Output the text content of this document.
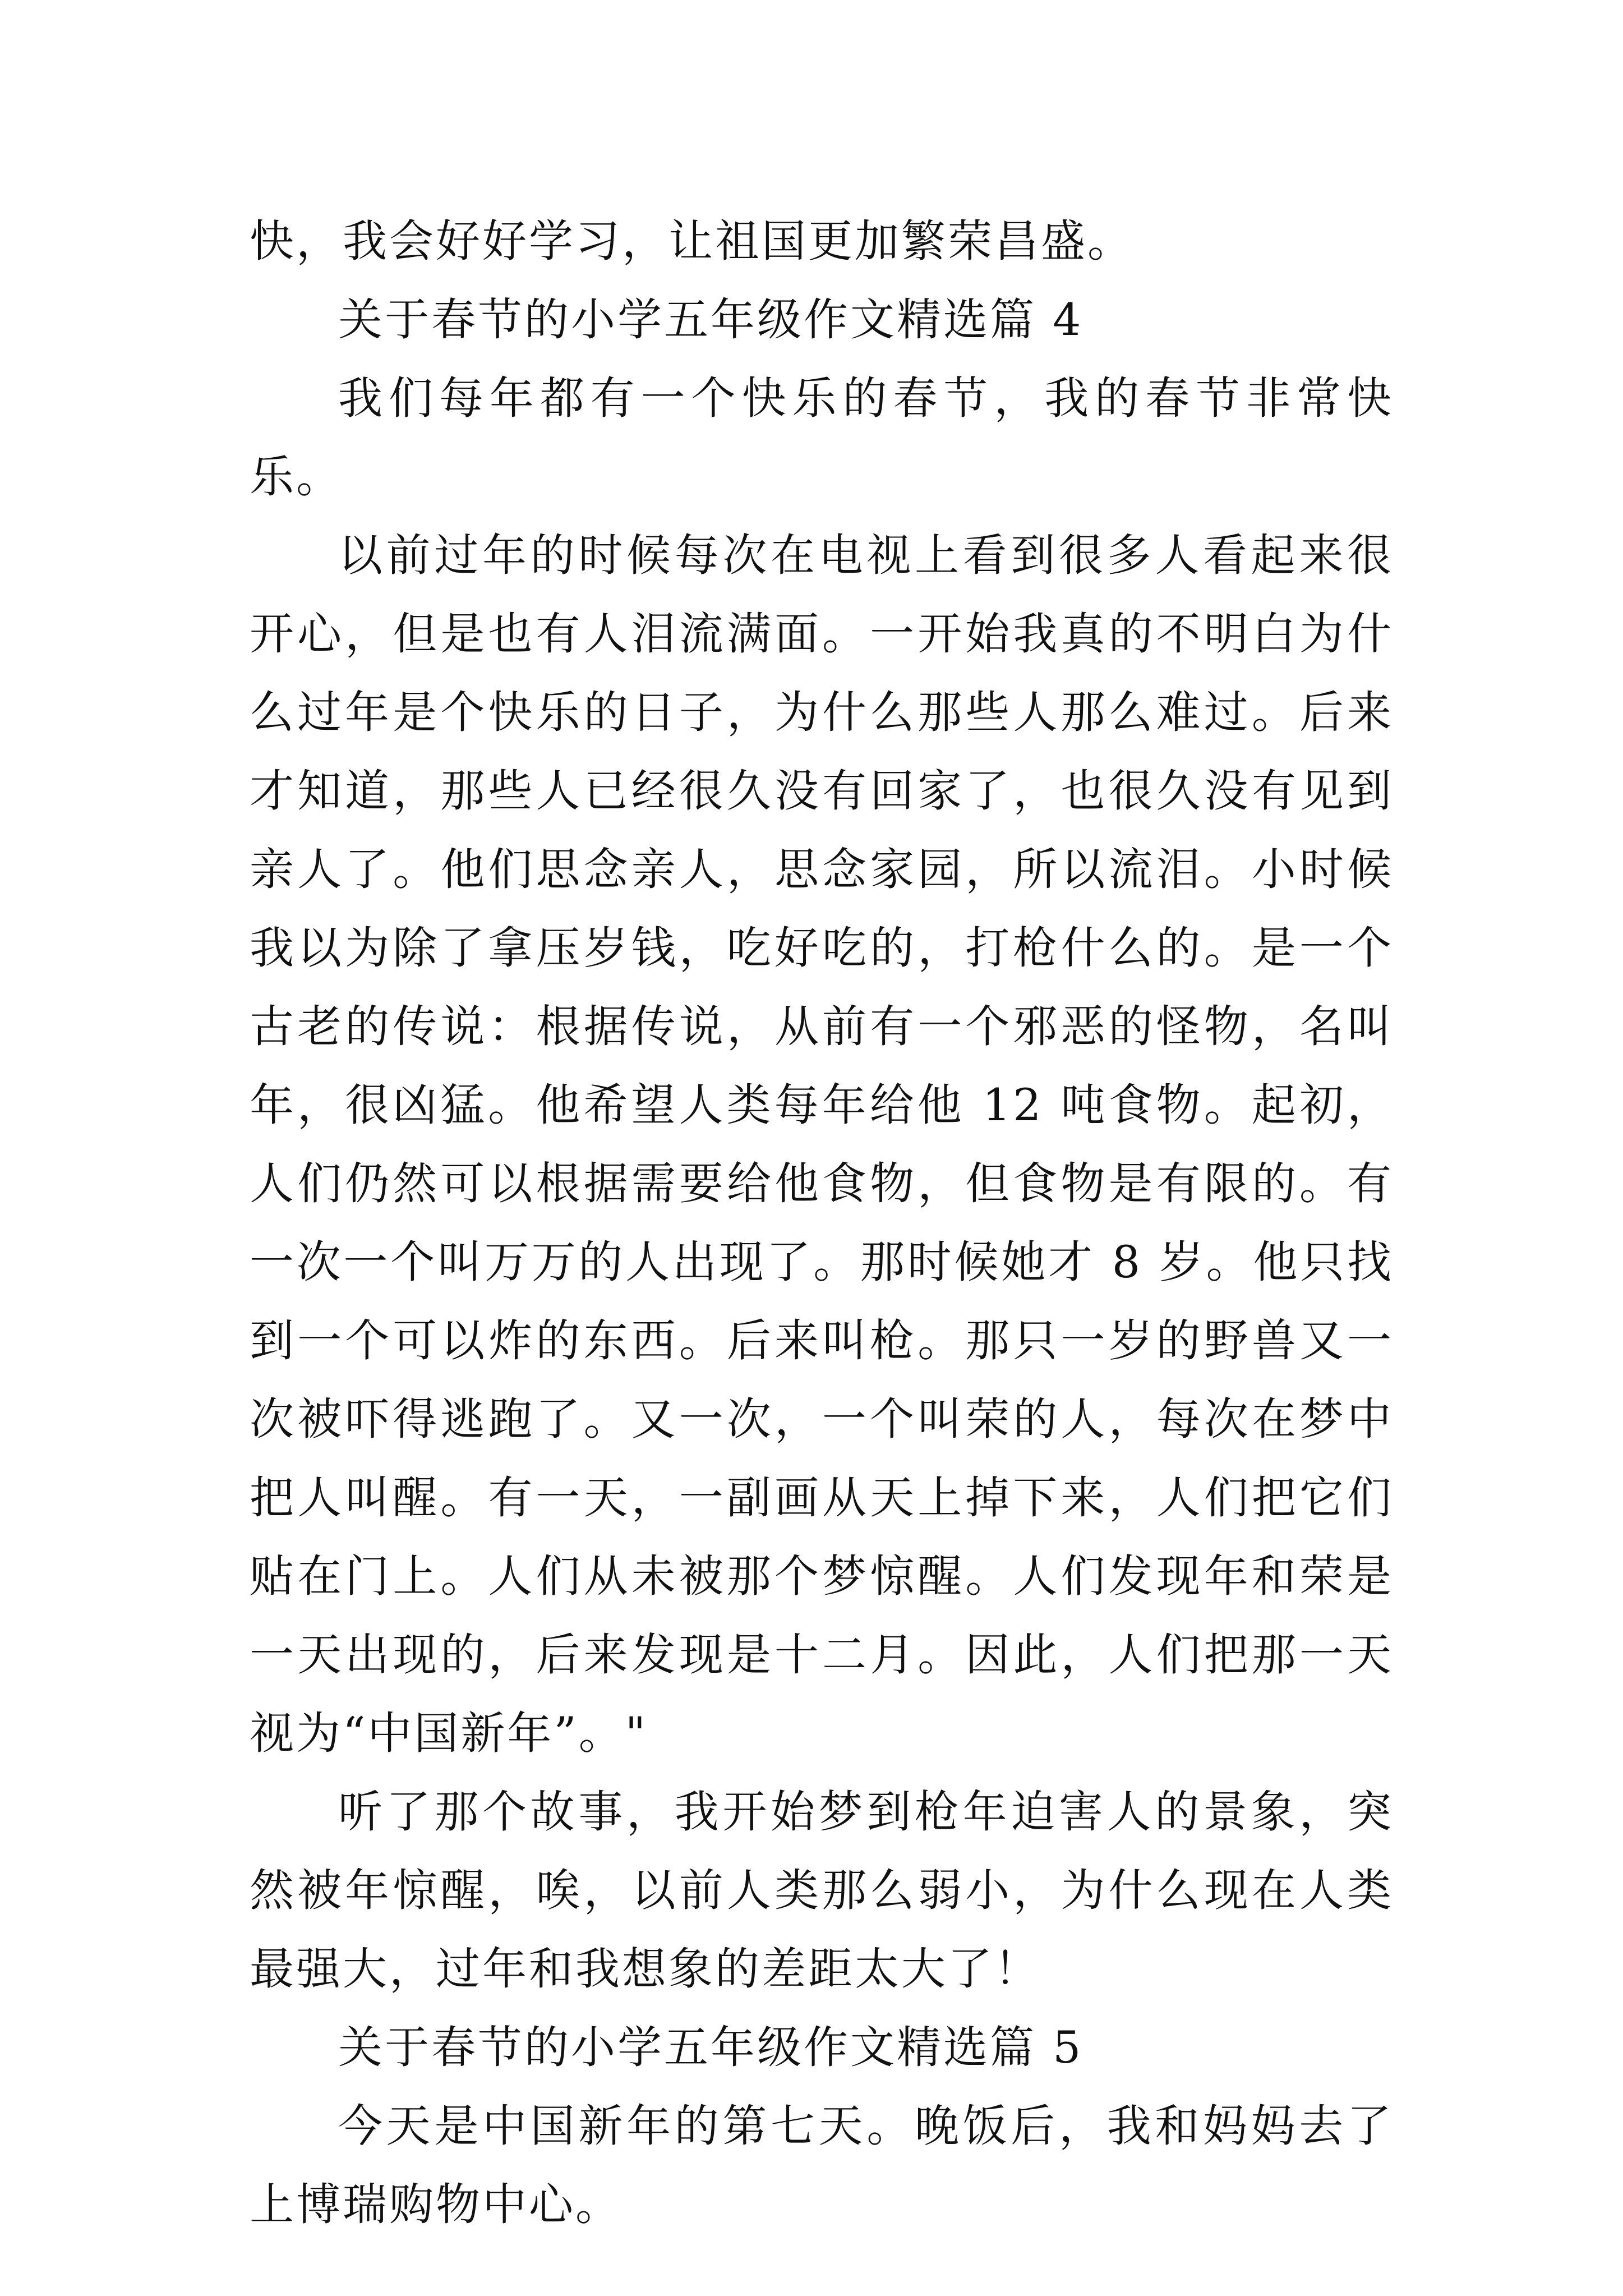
快，我会好好学习，让祖国更加繁荣昌盛。

关于春节的小学五年级作文精选篇 4

我们每年都有一个快乐的春节，我的春节非常快乐。

以前过年的时候每次在电视上看到很多人看起来很开心，但是也有人泪流满面。一开始我真的不明白为什么过年是个快乐的日子，为什么那些人那么难过。后来才知道，那些人已经很久没有回家了，也很久没有见到亲人了。他们思念亲人，思念家园，所以流泪。小时候我以为除了拿压岁钱，吃好吃的，打枪什么的。是一个古老的传说：根据传说，从前有一个邪恶的怪物，名叫年，很凶猛。他希望人类每年给他 12 吨食物。起初，人们仍然可以根据需要给他食物，但食物是有限的。有一次一个叫万万的人出现了。那时候她才 8 岁。他只找到一个可以炸的东西。后来叫枪。那只一岁的野兽又一次被吓得逃跑了。又一次，一个叫荣的人，每次在梦中把人叫醒。有一天，一副画从天上掉下来，人们把它们贴在门上。人们从未被那个梦惊醒。人们发现年和荣是一天出现的，后来发现是十二月。因此，人们把那一天视为“中国新年”。"

听了那个故事，我开始梦到枪年迫害人的景象，突然被年惊醒，唉，以前人类那么弱小，为什么现在人类最强大，过年和我想象的差距太大了！

关于春节的小学五年级作文精选篇 5

今天是中国新年的第七天。晚饭后，我和妈妈去了上博瑞购物中心。
